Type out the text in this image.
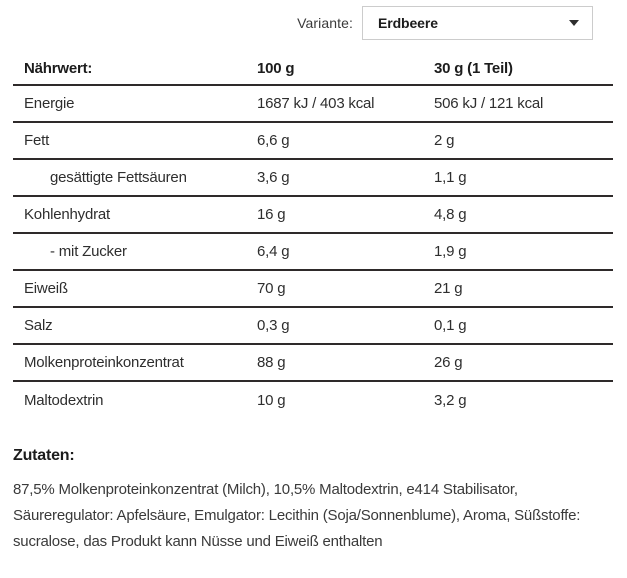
Variante: Erdbeere
Nährwert:	100 g	30 g (1 Teil)
Energie	1687 kJ / 403 kcal	506 kJ / 121 kcal
Fett	6,6 g	2 g
gesättigte Fettsäuren	3,6 g	1,1 g
Kohlenhydrat	16 g	4,8 g
- mit Zucker	6,4 g	1,9 g
Eiweiß	70 g	21 g
Salz	0,3 g	0,1 g
Molkenproteinkonzentrat	88 g	26 g
Maltodextrin	10 g	3,2 g
Zutaten:

87,5% Molkenproteinkonzentrat (Milch), 10,5% Maltodextrin, e414 Stabilisator, Säureregulator: Apfelsäure, Emulgator: Lecithin (Soja/Sonnenblume), Aroma, Süßstoffe: sucralose, das Produkt kann Nüsse und Eiweiß enthalten
